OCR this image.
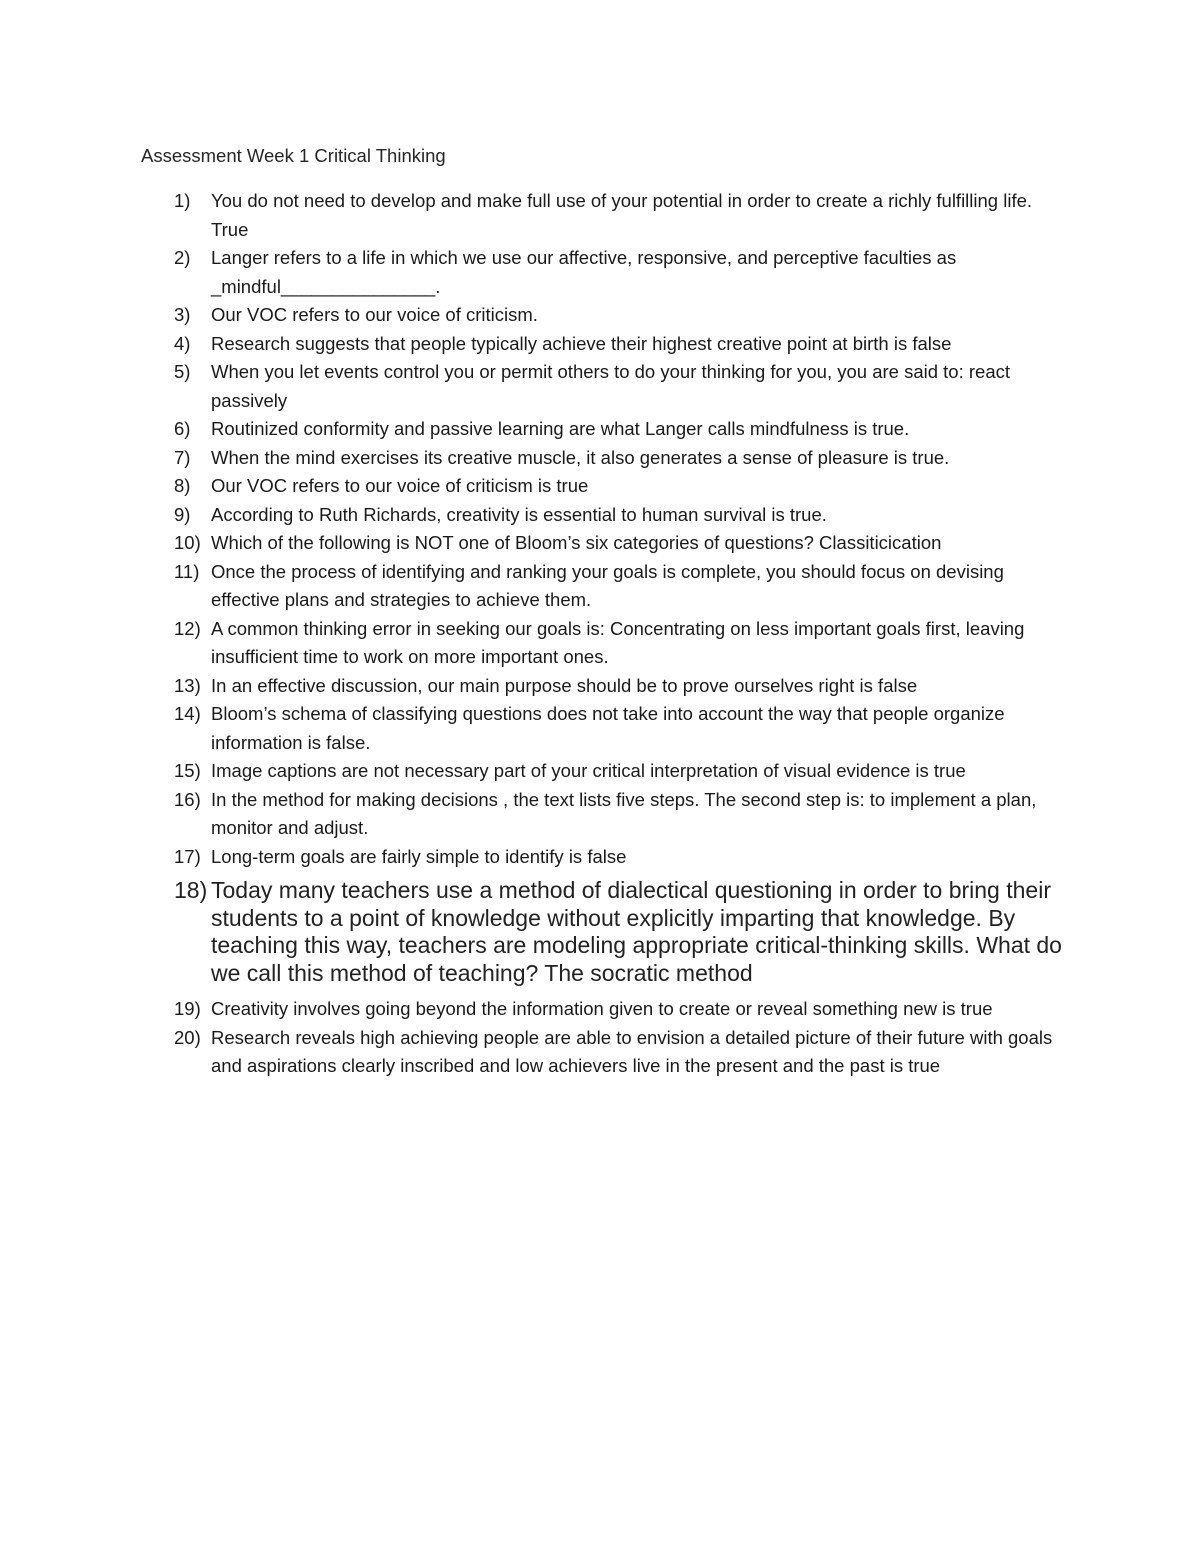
Assessment Week 1 Critical Thinking
1) You do not need to develop and make full use of your potential in order to create a richly fulfilling life. True
2) Langer refers to a life in which we use our affective, responsive, and perceptive faculties as _mindful_______________.
3) Our VOC refers to our voice of criticism.
4) Research suggests that people typically achieve their highest creative point at birth is false
5) When you let events control you or permit others to do your thinking for you, you are said to: react passively
6) Routinized conformity and passive learning are what Langer calls mindfulness is true.
7) When the mind exercises its creative muscle, it also generates a sense of pleasure is true.
8) Our VOC refers to our voice of criticism is true
9) According to Ruth Richards, creativity is essential to human survival is true.
10) Which of the following is NOT one of Bloom’s six categories of questions? Classiticication
11) Once the process of identifying and ranking your goals is complete, you should focus on devising effective plans and strategies to achieve them.
12) A common thinking error in seeking our goals is: Concentrating on less important goals first, leaving insufficient time to work on more important ones.
13) In an effective discussion, our main purpose should be to prove ourselves right is false
14) Bloom’s schema of classifying questions does not take into account the way that people organize information is false.
15) Image captions are not necessary part of your critical interpretation of visual evidence is true
16) In the method for making decisions , the text lists five steps. The second step is: to implement a plan, monitor and adjust.
17) Long-term goals are fairly simple to identify is false
18) Today many teachers use a method of dialectical questioning in order to bring their students to a point of knowledge without explicitly imparting that knowledge. By teaching this way, teachers are modeling appropriate critical-thinking skills. What do we call this method of teaching? The socratic method
19) Creativity involves going beyond the information given to create or reveal something new is true
20) Research reveals high achieving people are able to envision a detailed picture of their future with goals and aspirations clearly inscribed and low achievers live in the present and the past is true
